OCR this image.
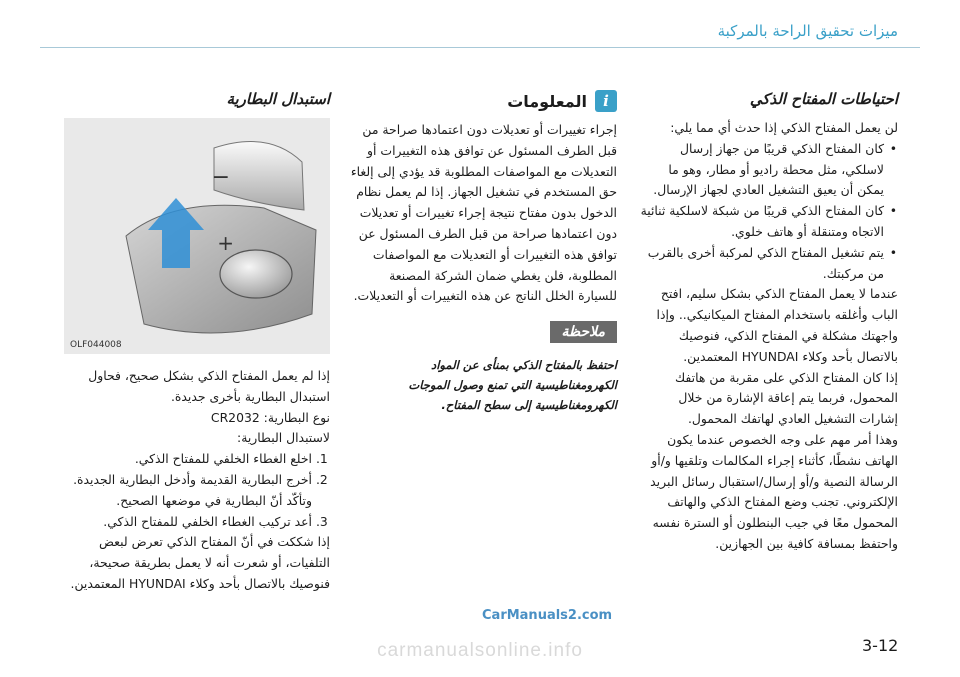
ميزات تحقيق الراحة بالمركبة
احتياطات المفتاح الذكي

لن يعمل المفتاح الذكي إذا حدث أي مما يلي:

• كان المفتاح الذكي قريبًا من جهاز إرسال لاسلكي، مثل محطة راديو أو مطار، وهو ما يمكن أن يعيق التشغيل العادي لجهاز الإرسال.
• كان المفتاح الذكي قريبًا من شبكة لاسلكية ثنائية الاتجاه ومتنقلة أو هاتف خلوي.
• يتم تشغيل المفتاح الذكي لمركبة أخرى بالقرب من مركبتك.

عندما لا يعمل المفتاح الذكي بشكل سليم، افتح الباب وأغلقه باستخدام المفتاح الميكانيكي.. وإذا واجهتك مشكلة في المفتاح الذكي، فنوصيك بالاتصال بأحد وكلاء HYUNDAI المعتمدين.

إذا كان المفتاح الذكي على مقربة من هاتفك المحمول، فربما يتم إعاقة الإشارة من خلال إشارات التشغيل العادي لهاتفك المحمول.

وهذا أمر مهم على وجه الخصوص عندما يكون الهاتف نشطًا، كأثناء إجراء المكالمات وتلقيها و/أو الرسالة النصية و/أو إرسال/استقبال رسائل البريد الإلكتروني. تجنب وضع المفتاح الذكي والهاتف المحمول معًا في جيب البنطلون أو السترة نفسه واحتفظ بمسافة كافية بين الجهازين.

i
المعلومات

إجراء تغييرات أو تعديلات دون اعتمادها صراحة من قبل الطرف المسئول عن توافق هذه التغييرات أو التعديلات مع المواصفات المطلوبة قد يؤدي إلى إلغاء حق المستخدم في تشغيل الجهاز. إذا لم يعمل نظام الدخول بدون مفتاح نتيجة إجراء تغييرات أو تعديلات دون اعتمادها صراحة من قبل الطرف المسئول عن توافق هذه التغييرات أو التعديلات مع المواصفات المطلوبة، فلن يغطي ضمان الشركة المصنعة للسيارة الخلل الناتج عن هذه التغييرات أو التعديلات.

ملاحظة

احتفظ بالمفتاح الذكي بمنأى عن المواد الكهرومغناطيسية التي تمنع وصول الموجات الكهرومغناطيسية إلى سطح المفتاح.

استبدال البطارية
−
+
OLF044008

إذا لم يعمل المفتاح الذكي بشكل صحيح، فحاول استبدال البطارية بأخرى جديدة.

نوع البطارية: CR2032

لاستبدال البطارية:

1. اخلع الغطاء الخلفي للمفتاح الذكي.
2. أخرج البطارية القديمة وأدخل البطارية الجديدة. وتأكّد أنّ البطارية في موضعها الصحيح.
3. أعد تركيب الغطاء الخلفي للمفتاح الذكي.

إذا شككت في أنّ المفتاح الذكي تعرض لبعض التلفيات، أو شعرت أنه لا يعمل بطريقة صحيحة، فنوصيك بالاتصال بأحد وكلاء HYUNDAI المعتمدين.

CarManuals2.com
carmanualsonline.info	3-12
